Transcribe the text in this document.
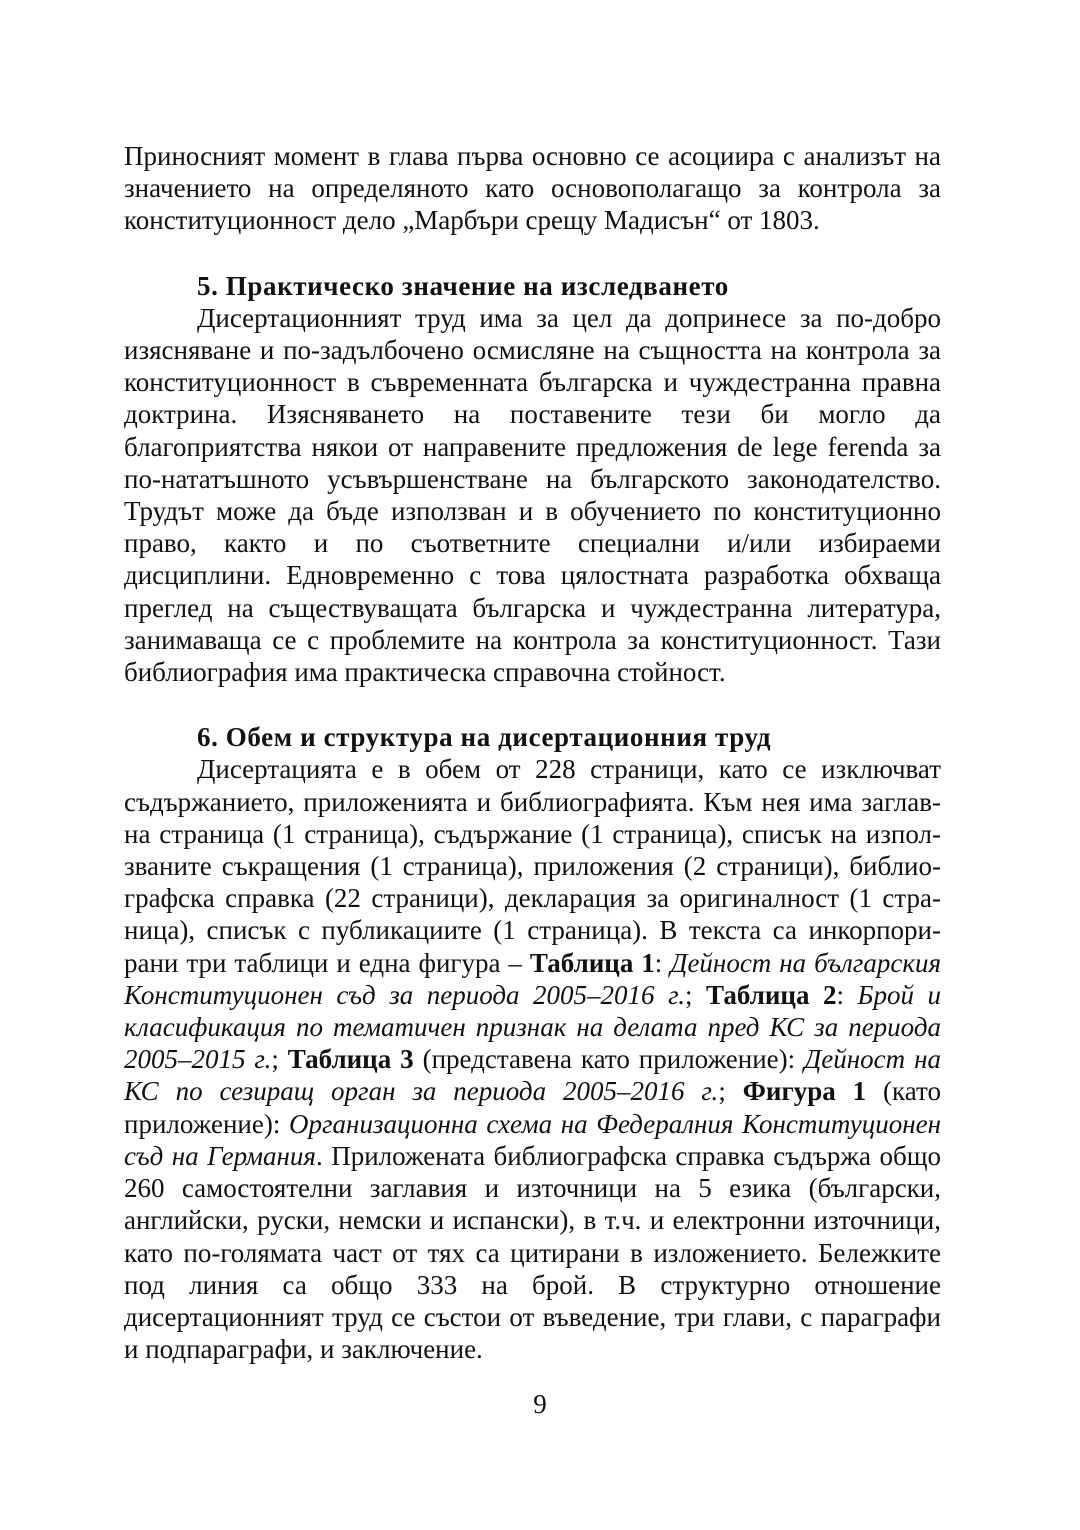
Приносният момент в глава първа основно се асоциира с анализът на значението на определяното като основополагащо за контрола за конституционност дело „Марбъри срещу Мадисън“ от 1803.

5. Практическо значение на изследването

Дисертационният труд има за цел да допринесе за по-добро изясняване и по-задълбочено осмисляне на същността на контрола за конституционност в съвременната българска и чуждестранна правна доктрина. Изясняването на поставените тези би могло да благоприятства някои от направените предложения de lege ferenda за по-нататъшното усъвършенстване на българското законодателство. Трудът може да бъде използван и в обучението по конституционно право, както и по съответните специални и/или избираеми дисциплини. Едновременно с това цялостната разработка обхваща преглед на съществуващата българска и чуждестранна литература, занимаваща се с проблемите на контрола за конституционност. Тази библиография има практическа справочна стойност.

6. Обем и структура на дисертационния труд

Дисертацията е в обем от 228 страници, като се изключват съдържанието, приложенията и библиографията. Към нея има заглавна страница (1 страница), съдържание (1 страница), списък на използваните съкращения (1 страница), приложения (2 страници), библиографска справка (22 страници), декларация за оригиналност (1 страница), списък с публикациите (1 страница). В текста са инкорпорирани три таблици и една фигура – Таблица 1: Дейност на българския Конституционен съд за периода 2005–2016 г.; Таблица 2: Брой и класификация по тематичен признак на делата пред КС за периода 2005–2015 г.; Таблица 3 (представена като приложение): Дейност на КС по сезиращ орган за периода 2005–2016 г.; Фигура 1 (като приложение): Организационна схема на Федералния Конституционен съд на Германия. Приложената библиографска справка съдържа общо 260 самостоятелни заглавия и източници на 5 езика (български, английски, руски, немски и испански), в т.ч. и електронни източници, като по-голямата част от тях са цитирани в изложението. Бележките под линия са общо 333 на брой. В структурно отношение дисертационният труд се състои от въведение, три глави, с параграфи и подпараграфи, и заключение.

9
